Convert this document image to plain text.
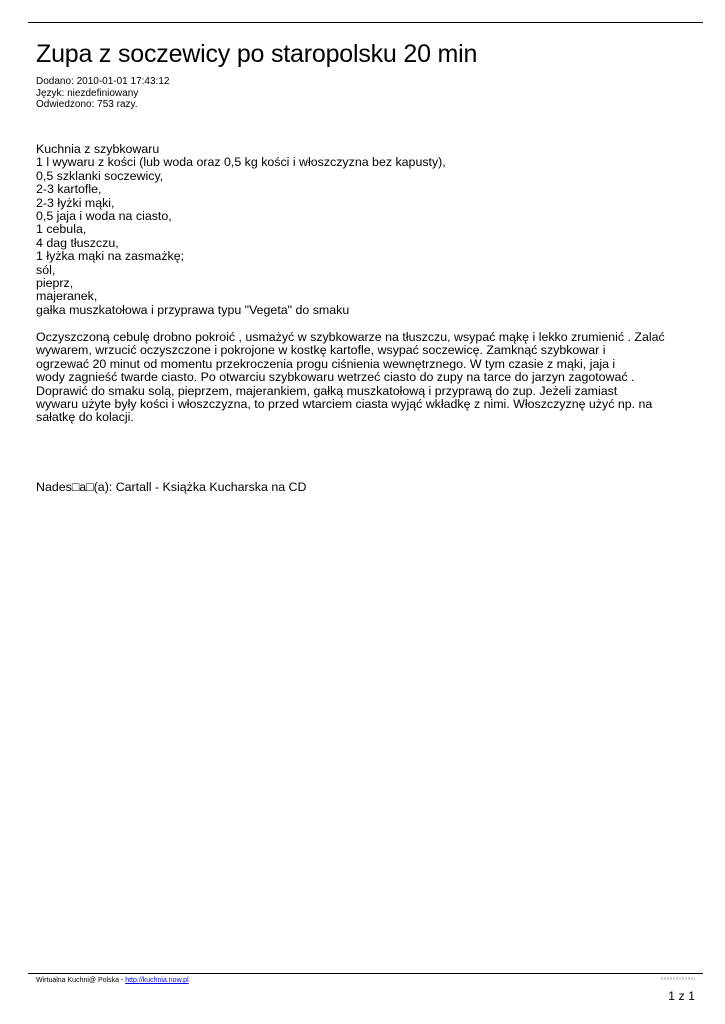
Zupa z soczewicy po staropolsku 20 min
Dodano: 2010-01-01 17:43:12
Język: niezdefiniowany
Odwiedzono: 753 razy.
Kuchnia z szybkowaru
1 l wywaru z kości (lub woda oraz 0,5 kg kości i włoszczyzna bez kapusty),
0,5 szklanki soczewicy,
2-3 kartofle,
2-3 łyżki mąki,
0,5 jaja i woda na ciasto,
1 cebula,
4 dag tłuszczu,
1 łyżka mąki na zasmażkę;
sól,
pieprz,
majeranek,
gałka muszkatołowa i przyprawa typu "Vegeta" do smaku
Oczyszczoną cebulę drobno pokroić , usmażyć w szybkowarze na tłuszczu, wsypać mąkę i lekko zrumienić . Zalać
wywarem, wrzucić oczyszczone i pokrojone w kostkę kartofle, wsypać soczewicę. Zamknąć szybkowar i
ogrzewać 20 minut od momentu przekroczenia progu ciśnienia wewnętrznego. W tym czasie z mąki, jaja i
wody zagnieść twarde ciasto. Po otwarciu szybkowaru wetrzeć ciasto do zupy na tarce do jarzyn zagotować .
Doprawić do smaku solą, pieprzem, majerankiem, gałką muszkatołową i przyprawą do zup. Jeżeli zamiast
wywaru użyte były kości i włoszczyzna, to przed wtarciem ciasta wyjąć wkładkę z nimi. Włoszczyznę użyć np. na
sałatkę do kolacji.
Nades□a□(a): Cartall - Książka Kucharska na CD
Wirtualna Kuchni@ Polska - http://kuchnia.now.pl
1 z 1
